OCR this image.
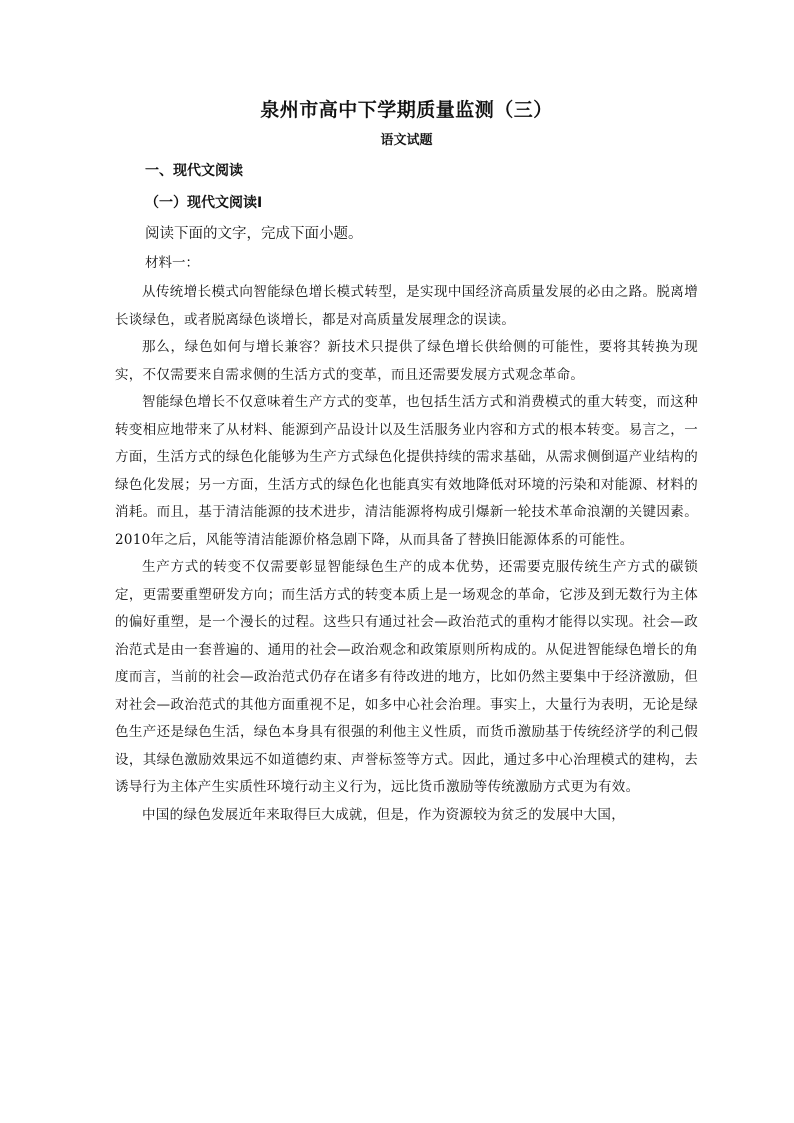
泉州市高中下学期质量监测（三）
语文试题
一、现代文阅读
（一）现代文阅读Ⅰ
阅读下面的文字，完成下面小题。
材料一：

从传统增长模式向智能绿色增长模式转型，是实现中国经济高质量发展的必由之路。脱离增长谈绿色，或者脱离绿色谈增长，都是对高质量发展理念的误读。

那么，绿色如何与增长兼容？新技术只提供了绿色增长供给侧的可能性，要将其转换为现实，不仅需要来自需求侧的生活方式的变革，而且还需要发展方式观念革命。

智能绿色增长不仅意味着生产方式的变革，也包括生活方式和消费模式的重大转变，而这种转变相应地带来了从材料、能源到产品设计以及生活服务业内容和方式的根本转变。易言之，一方面，生活方式的绿色化能够为生产方式绿色化提供持续的需求基础，从需求侧倒逼产业结构的绿色化发展；另一方面，生活方式的绿色化也能真实有效地降低对环境的污染和对能源、材料的消耗。而且，基于清洁能源的技术进步，清洁能源将构成引爆新一轮技术革命浪潮的关键因素。2010年之后，风能等清洁能源价格急剧下降，从而具备了替换旧能源体系的可能性。

生产方式的转变不仅需要彰显智能绿色生产的成本优势，还需要克服传统生产方式的碳锁定，更需要重塑研发方向；而生活方式的转变本质上是一场观念的革命，它涉及到无数行为主体的偏好重塑，是一个漫长的过程。这些只有通过社会—政治范式的重构才能得以实现。社会—政治范式是由一套普遍的、通用的社会—政治观念和政策原则所构成的。从促进智能绿色增长的角度而言，当前的社会—政治范式仍存在诸多有待改进的地方，比如仍然主要集中于经济激励，但对社会—政治范式的其他方面重视不足，如多中心社会治理。事实上，大量行为表明，无论是绿色生产还是绿色生活，绿色本身具有很强的利他主义性质，而货币激励基于传统经济学的利己假设，其绿色激励效果远不如道德约束、声誉标签等方式。因此，通过多中心治理模式的建构，去诱导行为主体产生实质性环境行动主义行为，远比货币激励等传统激励方式更为有效。

中国的绿色发展近年来取得巨大成就，但是，作为资源较为贫乏的发展中大国，
